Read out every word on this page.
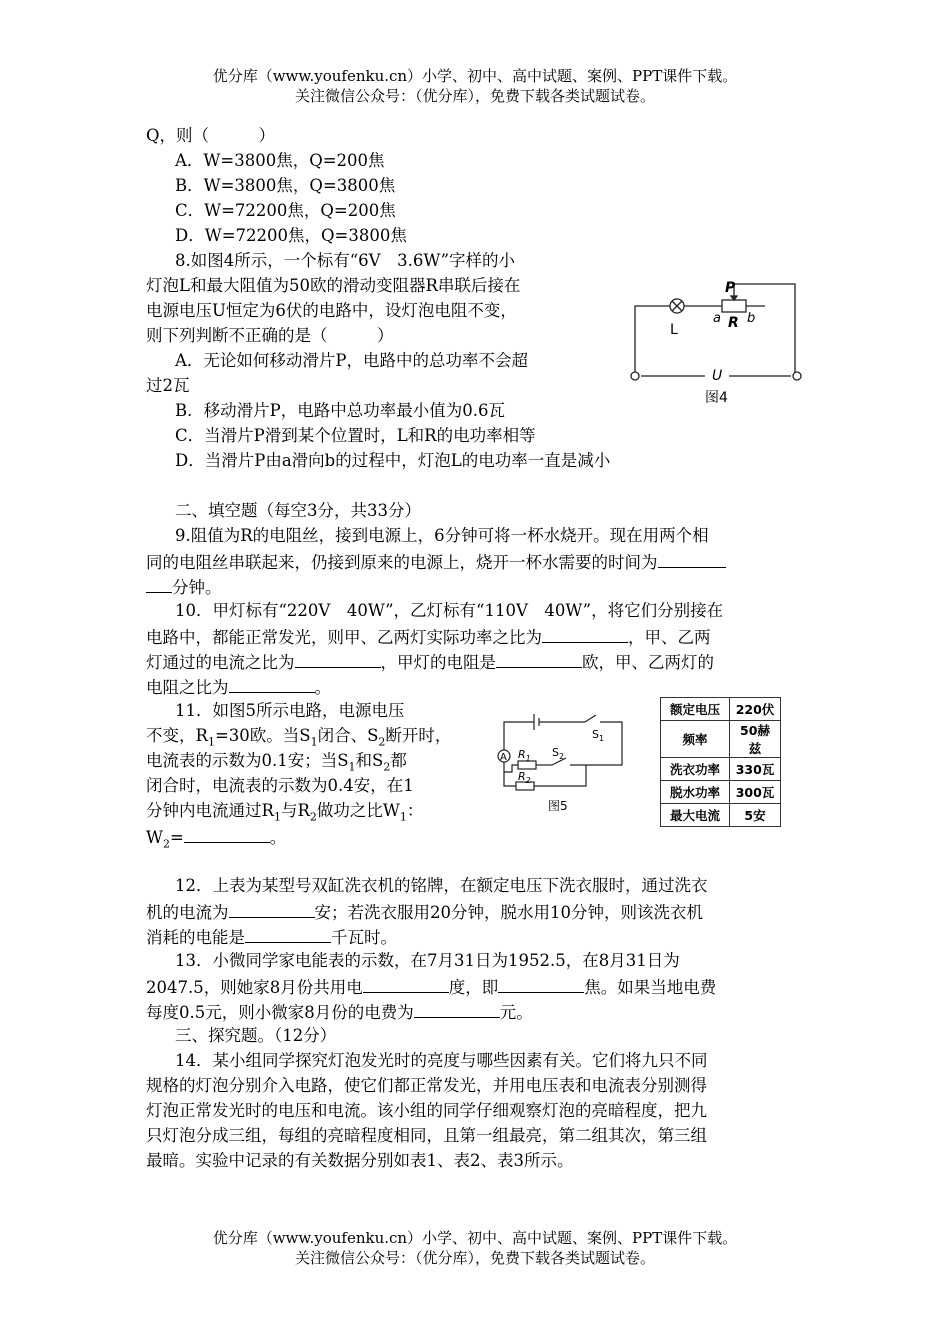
优分库（www.youfenku.cn）小学、初中、高中试题、案例、PPT课件下载。
关注微信公众号：（优分库），免费下载各类试题试卷。
Q，则（　　　）
A．W=3800焦，Q=200焦
B．W=3800焦，Q=3800焦
C．W=72200焦，Q=200焦
D．W=72200焦，Q=3800焦
8.如图4所示，一个标有“6V　3.6W”字样的小
灯泡L和最大阻值为50欧的滑动变阻器R串联后接在
电源电压U恒定为6伏的电路中，设灯泡电阻不变，
则下列判断不正确的是（　　　）
A．无论如何移动滑片P，电路中的总功率不会超
过2瓦
B．移动滑片P，电路中总功率最小值为0.6瓦
C．当滑片P滑到某个位置时，L和R的电功率相等
D．当滑片P由a滑向b的过程中，灯泡L的电功率一直是减小
P
L
a R b
U
图4
二、填空题（每空3分，共33分）
9.阻值为R的电阻丝，接到电源上，6分钟可将一杯水烧开。现在用两个相
同的电阻丝串联起来，仍接到原来的电源上，烧开一杯水需要的时间为
分钟。
10．甲灯标有“220V　40W”，乙灯标有“110V　40W”，将它们分别接在
电路中，都能正常发光，则甲、乙两灯实际功率之比为	，甲、乙两
灯通过的电流之比为	，甲灯的电阻是	欧，甲、乙两灯的
电阻之比为	。
11．如图5所示电路，电源电压
不变，$R_1=30$欧。当$S_1$闭合、$S_2$断开时，
电流表的示数为0.1安；当$S_1$和$S_2$都
闭合时，电流表的示数为0.4安，在1
分钟内电流通过$R_1$与$R_2$做功之比$W_1$：
$W_2=$	。
A
$S_1$
$R_1$ $S_2$
$R_2$
图5
额定电压	220伏
频率	50赫兹
洗衣功率	330瓦
脱水功率	300瓦
最大电流	5安
12．上表为某型号双缸洗衣机的铭牌，在额定电压下洗衣服时，通过洗衣
机的电流为	安；若洗衣服用20分钟，脱水用10分钟，则该洗衣机
消耗的电能是	千瓦时。
13．小微同学家电能表的示数，在7月31日为1952.5，在8月31日为
2047.5，则她家8月份共用电	度，即	焦。如果当地电费
每度0.5元，则小微家8月份的电费为	元。
三、探究题。（12分）
14．某小组同学探究灯泡发光时的亮度与哪些因素有关。它们将九只不同
规格的灯泡分别介入电路，使它们都正常发光，并用电压表和电流表分别测得
灯泡正常发光时的电压和电流。该小组的同学仔细观察灯泡的亮暗程度，把九
只灯泡分成三组，每组的亮暗程度相同，且第一组最亮，第二组其次，第三组
最暗。实验中记录的有关数据分别如表1、表2、表3所示。
优分库（www.youfenku.cn）小学、初中、高中试题、案例、PPT课件下载。
关注微信公众号：（优分库），免费下载各类试题试卷。
